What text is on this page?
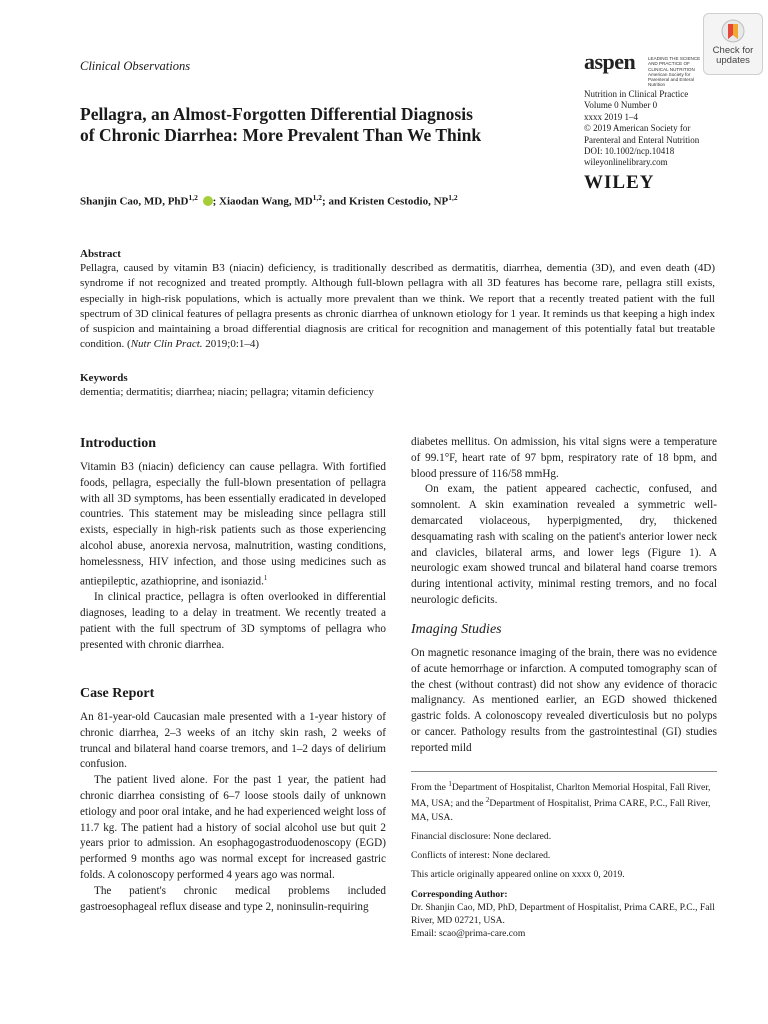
Clinical Observations	aspen	LEADING THE SCIENCE AND PRACTICE OF CLINICAL NUTRITION American Society for Parenteral and Enteral Nutrition
Check for
updates
Pellagra, an Almost-Forgotten Differential Diagnosis
of Chronic Diarrhea: More Prevalent Than We Think
Nutrition in Clinical Practice
Volume 0 Number 0
xxxx 2019 1–4
© 2019 American Society for
Parenteral and Enteral Nutrition
DOI: 10.1002/ncp.10418
wileyonlinelibrary.com
WILEY
Shanjin Cao, MD, PhD$^{1,2}$ ; Xiaodan Wang, MD$^{1,2}$; and Kristen Cestodio, NP$^{1,2}$
Abstract
Pellagra, caused by vitamin B3 (niacin) deficiency, is traditionally described as dermatitis, diarrhea, dementia (3D), and even death (4D) syndrome if not recognized and treated promptly. Although full-blown pellagra with all 3D features has become rare, pellagra still exists, especially in high-risk populations, which is actually more prevalent than we think. We report that a recently treated patient with the full spectrum of 3D clinical features of pellagra presents as chronic diarrhea of unknown etiology for 1 year. It reminds us that keeping a high index of suspicion and maintaining a broad differential diagnosis are critical for recognition and management of this potentially fatal but treatable condition. (Nutr Clin Pract. 2019;0:1–4)
Keywords
dementia; dermatitis; diarrhea; niacin; pellagra; vitamin deficiency
Introduction

Vitamin B3 (niacin) deficiency can cause pellagra. With fortified foods, pellagra, especially the full-blown presentation of pellagra with all 3D symptoms, has been essentially eradicated in developed countries. This statement may be misleading since pellagra still exists, especially in high-risk patients such as those experiencing alcohol abuse, anorexia nervosa, malnutrition, wasting conditions, homelessness, HIV infection, and those using medicines such as antiepileptic, azathioprine, and isoniazid.$^1$

In clinical practice, pellagra is often overlooked in differential diagnoses, leading to a delay in treatment. We recently treated a patient with the full spectrum of 3D symptoms of pellagra who presented with chronic diarrhea.

Case Report

An 81-year-old Caucasian male presented with a 1-year history of chronic diarrhea, 2–3 weeks of an itchy skin rash, 2 weeks of truncal and bilateral hand coarse tremors, and 1–2 days of delirium confusion.

The patient lived alone. For the past 1 year, the patient had chronic diarrhea consisting of 6–7 loose stools daily of unknown etiology and poor oral intake, and he had experienced weight loss of 11.7 kg. The patient had a history of social alcohol use but quit 2 years prior to admission. An esophagogastroduodenoscopy (EGD) performed 9 months ago was normal except for increased gastric folds. A colonoscopy performed 4 years ago was normal.

The patient's chronic medical problems included gastroesophageal reflux disease and type 2, noninsulin-requiring

diabetes mellitus. On admission, his vital signs were a temperature of 99.1°F, heart rate of 97 bpm, respiratory rate of 18 bpm, and blood pressure of 116/58 mmHg.

On exam, the patient appeared cachectic, confused, and somnolent. A skin examination revealed a symmetric well-demarcated violaceous, hyperpigmented, dry, thickened desquamating rash with scaling on the patient's anterior lower neck and clavicles, bilateral arms, and lower legs (Figure 1). A neurologic exam showed truncal and bilateral hand coarse tremors during intentional activity, minimal resting tremors, and no focal neurologic deficits.

Imaging Studies

On magnetic resonance imaging of the brain, there was no evidence of acute hemorrhage or infarction. A computed tomography scan of the chest (without contrast) did not show any evidence of thoracic malignancy. As mentioned earlier, an EGD showed thickened gastric folds. A colonoscopy revealed diverticulosis but no polyps or cancer. Pathology results from the gastrointestinal (GI) studies reported mild

From the $^1$Department of Hospitalist, Charlton Memorial Hospital, Fall River, MA, USA; and the $^2$Department of Hospitalist, Prima CARE, P.C., Fall River, MA, USA.

Financial disclosure: None declared.

Conflicts of interest: None declared.

This article originally appeared online on xxxx 0, 2019.

Corresponding Author:
Dr. Shanjin Cao, MD, PhD, Department of Hospitalist, Prima CARE, P.C., Fall River, MD 02721, USA.
Email: scao@prima-care.com
